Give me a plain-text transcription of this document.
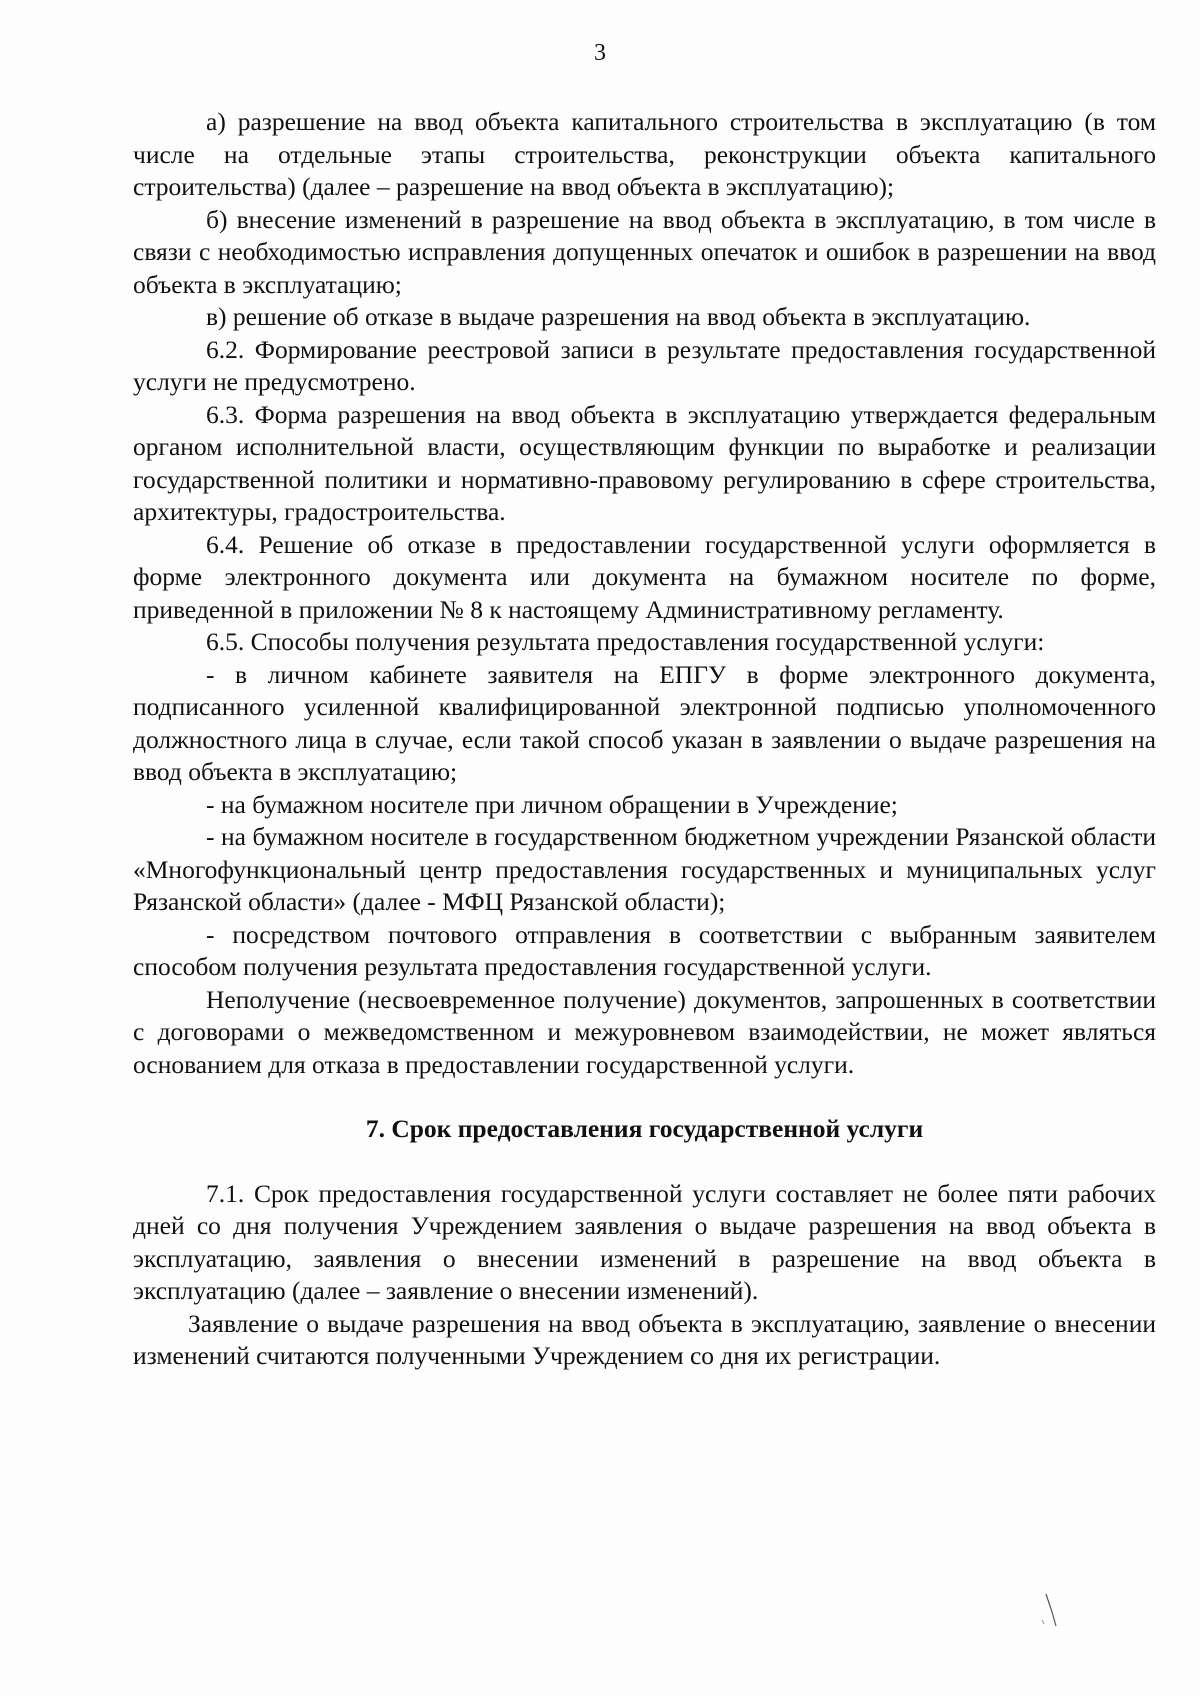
3

а) разрешение на ввод объекта капитального строительства в эксплуатацию (в том числе на отдельные этапы строительства, реконструкции объекта капитального строительства) (далее – разрешение на ввод объекта в эксплуатацию);

б) внесение изменений в разрешение на ввод объекта в эксплуатацию, в том числе в связи с необходимостью исправления допущенных опечаток и ошибок в разрешении на ввод объекта в эксплуатацию;

в) решение об отказе в выдаче разрешения на ввод объекта в эксплуатацию.

6.2. Формирование реестровой записи в результате предоставления государственной услуги не предусмотрено.

6.3. Форма разрешения на ввод объекта в эксплуатацию утверждается федеральным органом исполнительной власти, осуществляющим функции по выработке и реализации государственной политики и нормативно-правовому регулированию в сфере строительства, архитектуры, градостроительства.

6.4. Решение об отказе в предоставлении государственной услуги оформляется в форме электронного документа или документа на бумажном носителе по форме, приведенной в приложении № 8 к настоящему Административному регламенту.

6.5. Способы получения результата предоставления государственной услуги:

- в личном кабинете заявителя на ЕПГУ в форме электронного документа, подписанного усиленной квалифицированной электронной подписью уполномоченного должностного лица в случае, если такой способ указан в заявлении о выдаче разрешения на ввод объекта в эксплуатацию;

- на бумажном носителе при личном обращении в Учреждение;

- на бумажном носителе в государственном бюджетном учреждении Рязанской области «Многофункциональный центр предоставления государственных и муниципальных услуг Рязанской области» (далее - МФЦ Рязанской области);

- посредством почтового отправления в соответствии с выбранным заявителем способом получения результата предоставления государственной услуги.

Неполучение (несвоевременное получение) документов, запрошенных в соответствии с договорами о межведомственном и межуровневом взаимодействии, не может являться основанием для отказа в предоставлении государственной услуги.

7. Срок предоставления государственной услуги

7.1. Срок предоставления государственной услуги составляет не более пяти рабочих дней со дня получения Учреждением заявления о выдаче разрешения на ввод объекта в эксплуатацию, заявления о внесении изменений в разрешение на ввод объекта в эксплуатацию (далее – заявление о внесении изменений).

Заявление о выдаче разрешения на ввод объекта в эксплуатацию, заявление о внесении изменений считаются полученными Учреждением со дня их регистрации.
